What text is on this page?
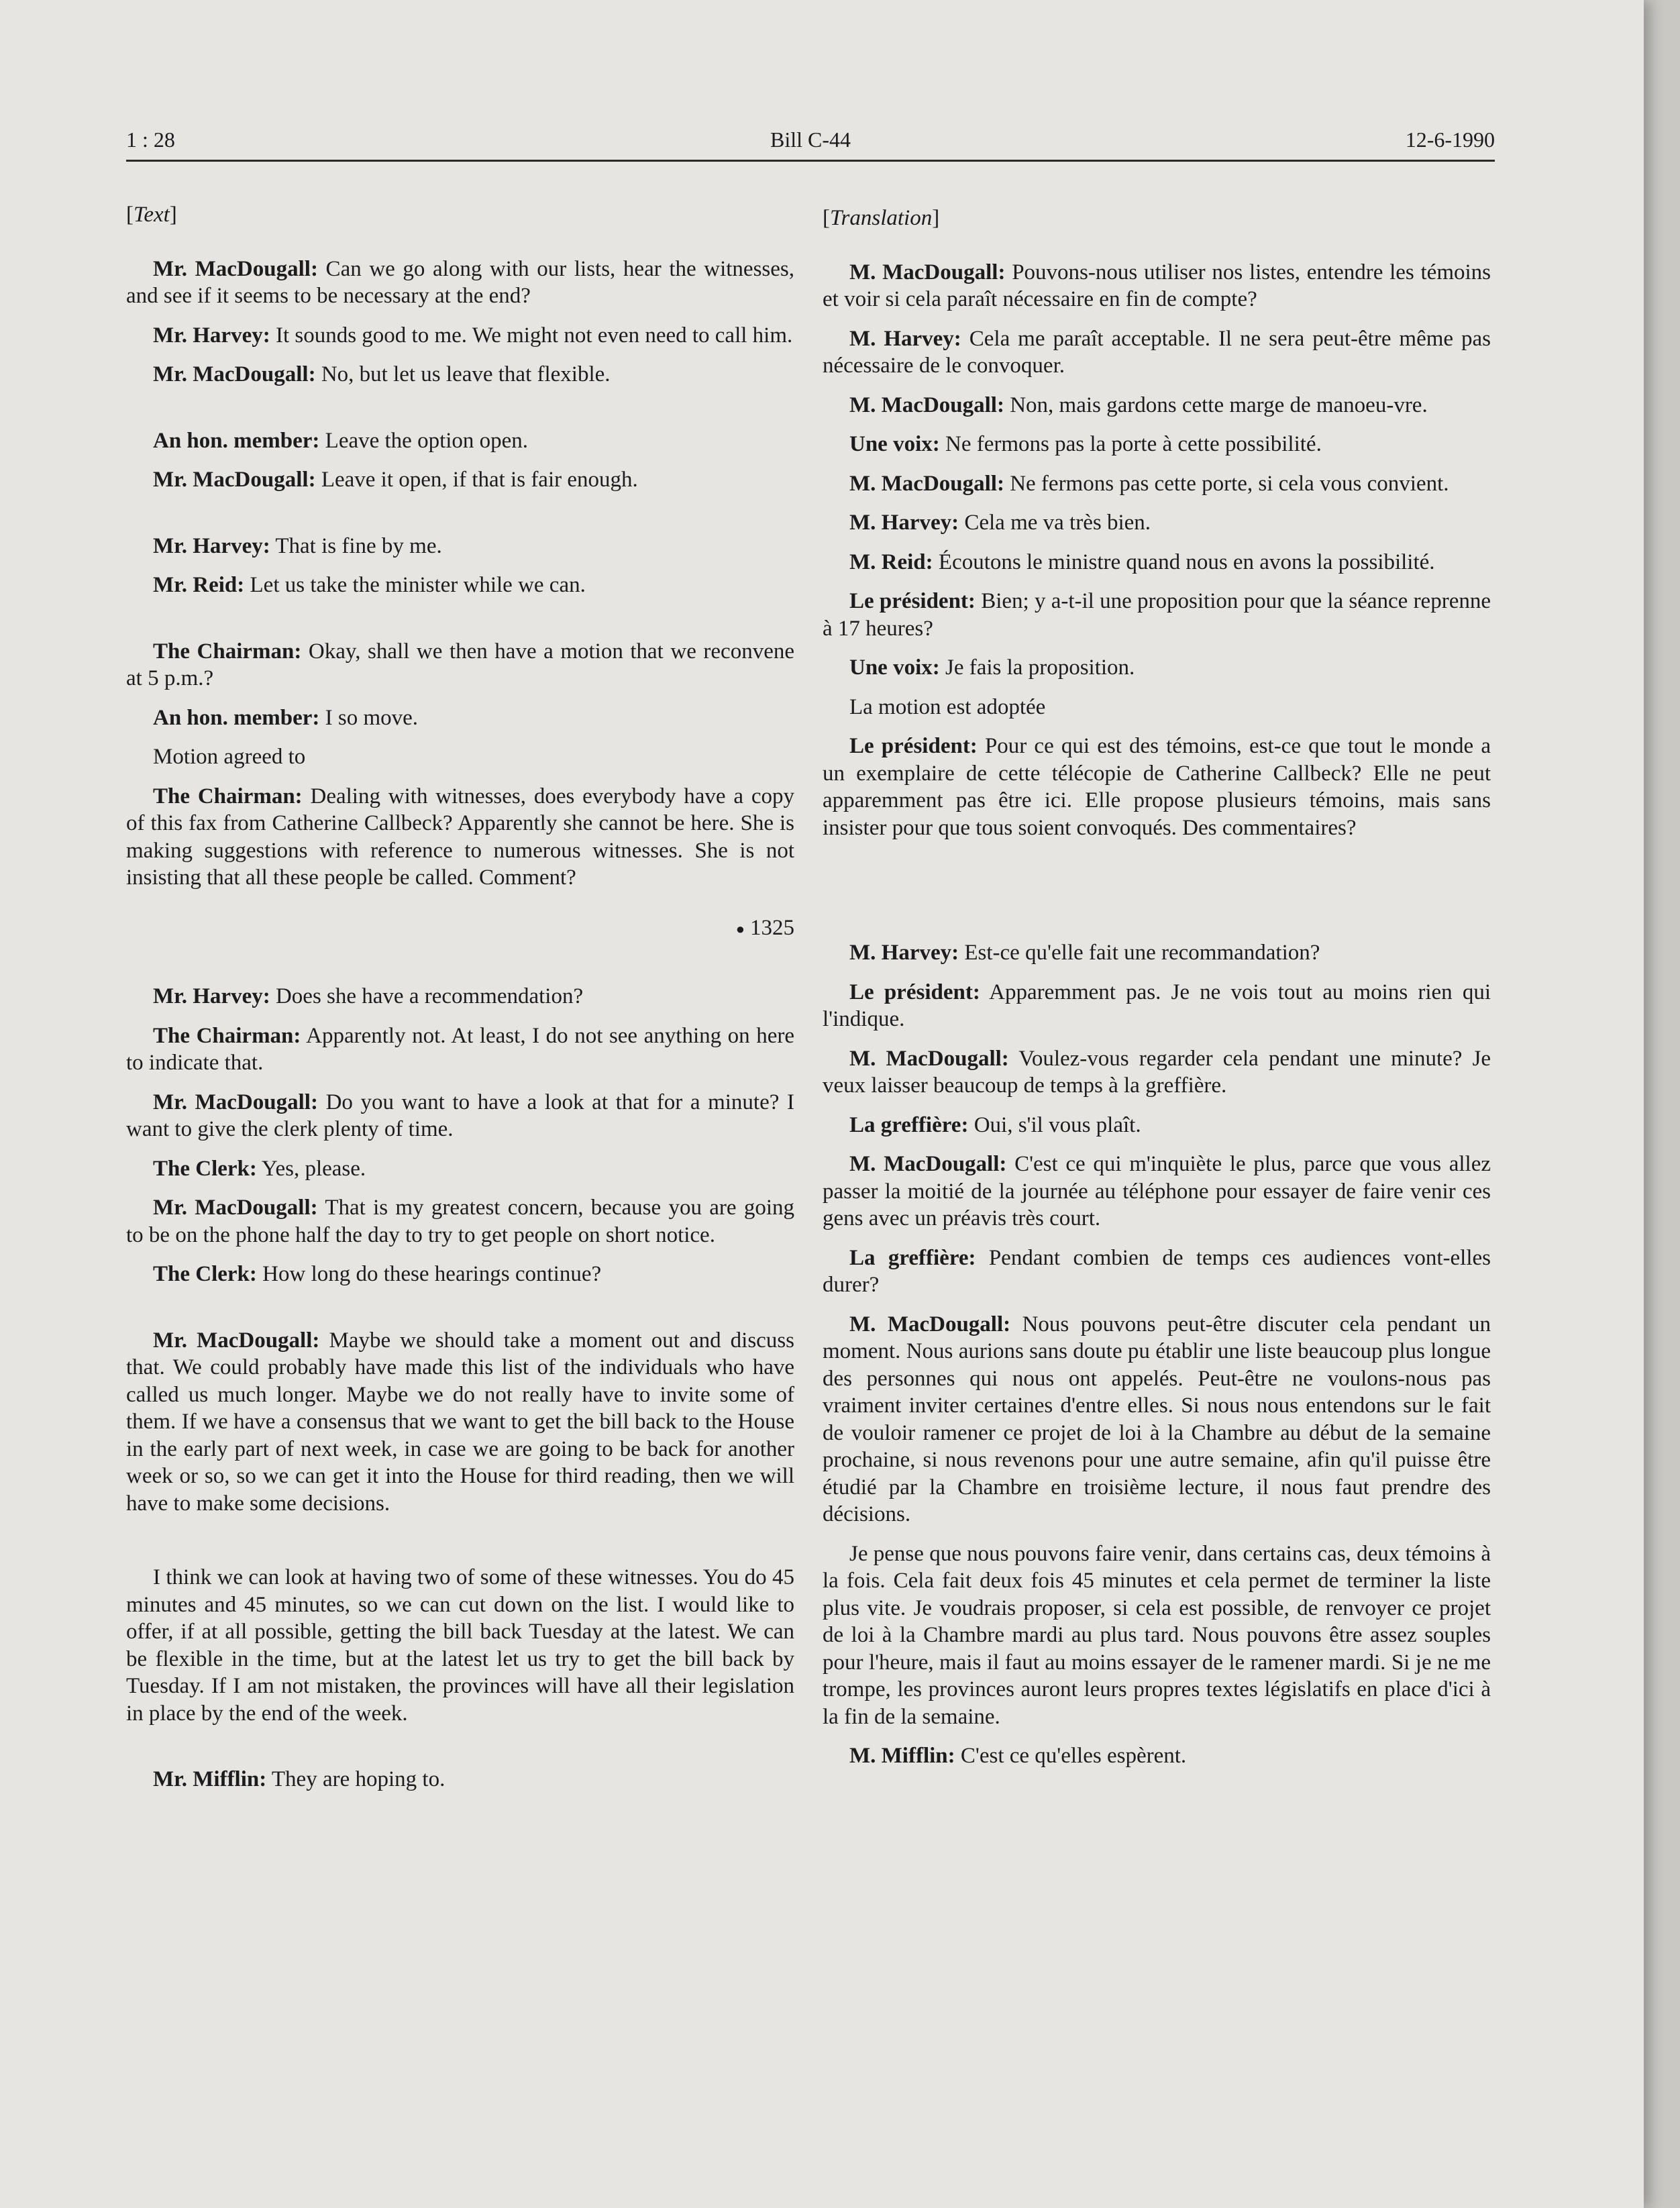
1 : 28	Bill C-44	12-6-1990
[Text]
Mr. MacDougall: Can we go along with our lists, hear the witnesses, and see if it seems to be necessary at the end?
Mr. Harvey: It sounds good to me. We might not even need to call him.
Mr. MacDougall: No, but let us leave that flexible.
An hon. member: Leave the option open.
Mr. MacDougall: Leave it open, if that is fair enough.
Mr. Harvey: That is fine by me.
Mr. Reid: Let us take the minister while we can.
The Chairman: Okay, shall we then have a motion that we reconvene at 5 p.m.?
An hon. member: I so move.
Motion agreed to
The Chairman: Dealing with witnesses, does everybody have a copy of this fax from Catherine Callbeck? Apparently she cannot be here. She is making suggestions with reference to numerous witnesses. She is not insisting that all these people be called. Comment?
● 1325
Mr. Harvey: Does she have a recommendation?
The Chairman: Apparently not. At least, I do not see anything on here to indicate that.
Mr. MacDougall: Do you want to have a look at that for a minute? I want to give the clerk plenty of time.
The Clerk: Yes, please.
Mr. MacDougall: That is my greatest concern, because you are going to be on the phone half the day to try to get people on short notice.
The Clerk: How long do these hearings continue?
Mr. MacDougall: Maybe we should take a moment out and discuss that. We could probably have made this list of the individuals who have called us much longer. Maybe we do not really have to invite some of them. If we have a consensus that we want to get the bill back to the House in the early part of next week, in case we are going to be back for another week or so, so we can get it into the House for third reading, then we will have to make some decisions.
I think we can look at having two of some of these witnesses. You do 45 minutes and 45 minutes, so we can cut down on the list. I would like to offer, if at all possible, getting the bill back Tuesday at the latest. We can be flexible in the time, but at the latest let us try to get the bill back by Tuesday. If I am not mistaken, the provinces will have all their legislation in place by the end of the week.
Mr. Mifflin: They are hoping to.
[Translation]
M. MacDougall: Pouvons-nous utiliser nos listes, entendre les témoins et voir si cela paraît nécessaire en fin de compte?
M. Harvey: Cela me paraît acceptable. Il ne sera peut-être même pas nécessaire de le convoquer.
M. MacDougall: Non, mais gardons cette marge de manoeu-vre.
Une voix: Ne fermons pas la porte à cette possibilité.
M. MacDougall: Ne fermons pas cette porte, si cela vous convient.
M. Harvey: Cela me va très bien.
M. Reid: Écoutons le ministre quand nous en avons la possibilité.
Le président: Bien; y a-t-il une proposition pour que la séance reprenne à 17 heures?
Une voix: Je fais la proposition.
La motion est adoptée
Le président: Pour ce qui est des témoins, est-ce que tout le monde a un exemplaire de cette télécopie de Catherine Callbeck? Elle ne peut apparemment pas être ici. Elle propose plusieurs témoins, mais sans insister pour que tous soient convoqués. Des commentaires?
M. Harvey: Est-ce qu'elle fait une recommandation?
Le président: Apparemment pas. Je ne vois tout au moins rien qui l'indique.
M. MacDougall: Voulez-vous regarder cela pendant une minute? Je veux laisser beaucoup de temps à la greffière.
La greffière: Oui, s'il vous plaît.
M. MacDougall: C'est ce qui m'inquiète le plus, parce que vous allez passer la moitié de la journée au téléphone pour essayer de faire venir ces gens avec un préavis très court.
La greffière: Pendant combien de temps ces audiences vont-elles durer?
M. MacDougall: Nous pouvons peut-être discuter cela pendant un moment. Nous aurions sans doute pu établir une liste beaucoup plus longue des personnes qui nous ont appelés. Peut-être ne voulons-nous pas vraiment inviter certaines d'entre elles. Si nous nous entendons sur le fait de vouloir ramener ce projet de loi à la Chambre au début de la semaine prochaine, si nous revenons pour une autre semaine, afin qu'il puisse être étudié par la Chambre en troisième lecture, il nous faut prendre des décisions.
Je pense que nous pouvons faire venir, dans certains cas, deux témoins à la fois. Cela fait deux fois 45 minutes et cela permet de terminer la liste plus vite. Je voudrais proposer, si cela est possible, de renvoyer ce projet de loi à la Chambre mardi au plus tard. Nous pouvons être assez souples pour l'heure, mais il faut au moins essayer de le ramener mardi. Si je ne me trompe, les provinces auront leurs propres textes législatifs en place d'ici à la fin de la semaine.
M. Mifflin: C'est ce qu'elles espèrent.
